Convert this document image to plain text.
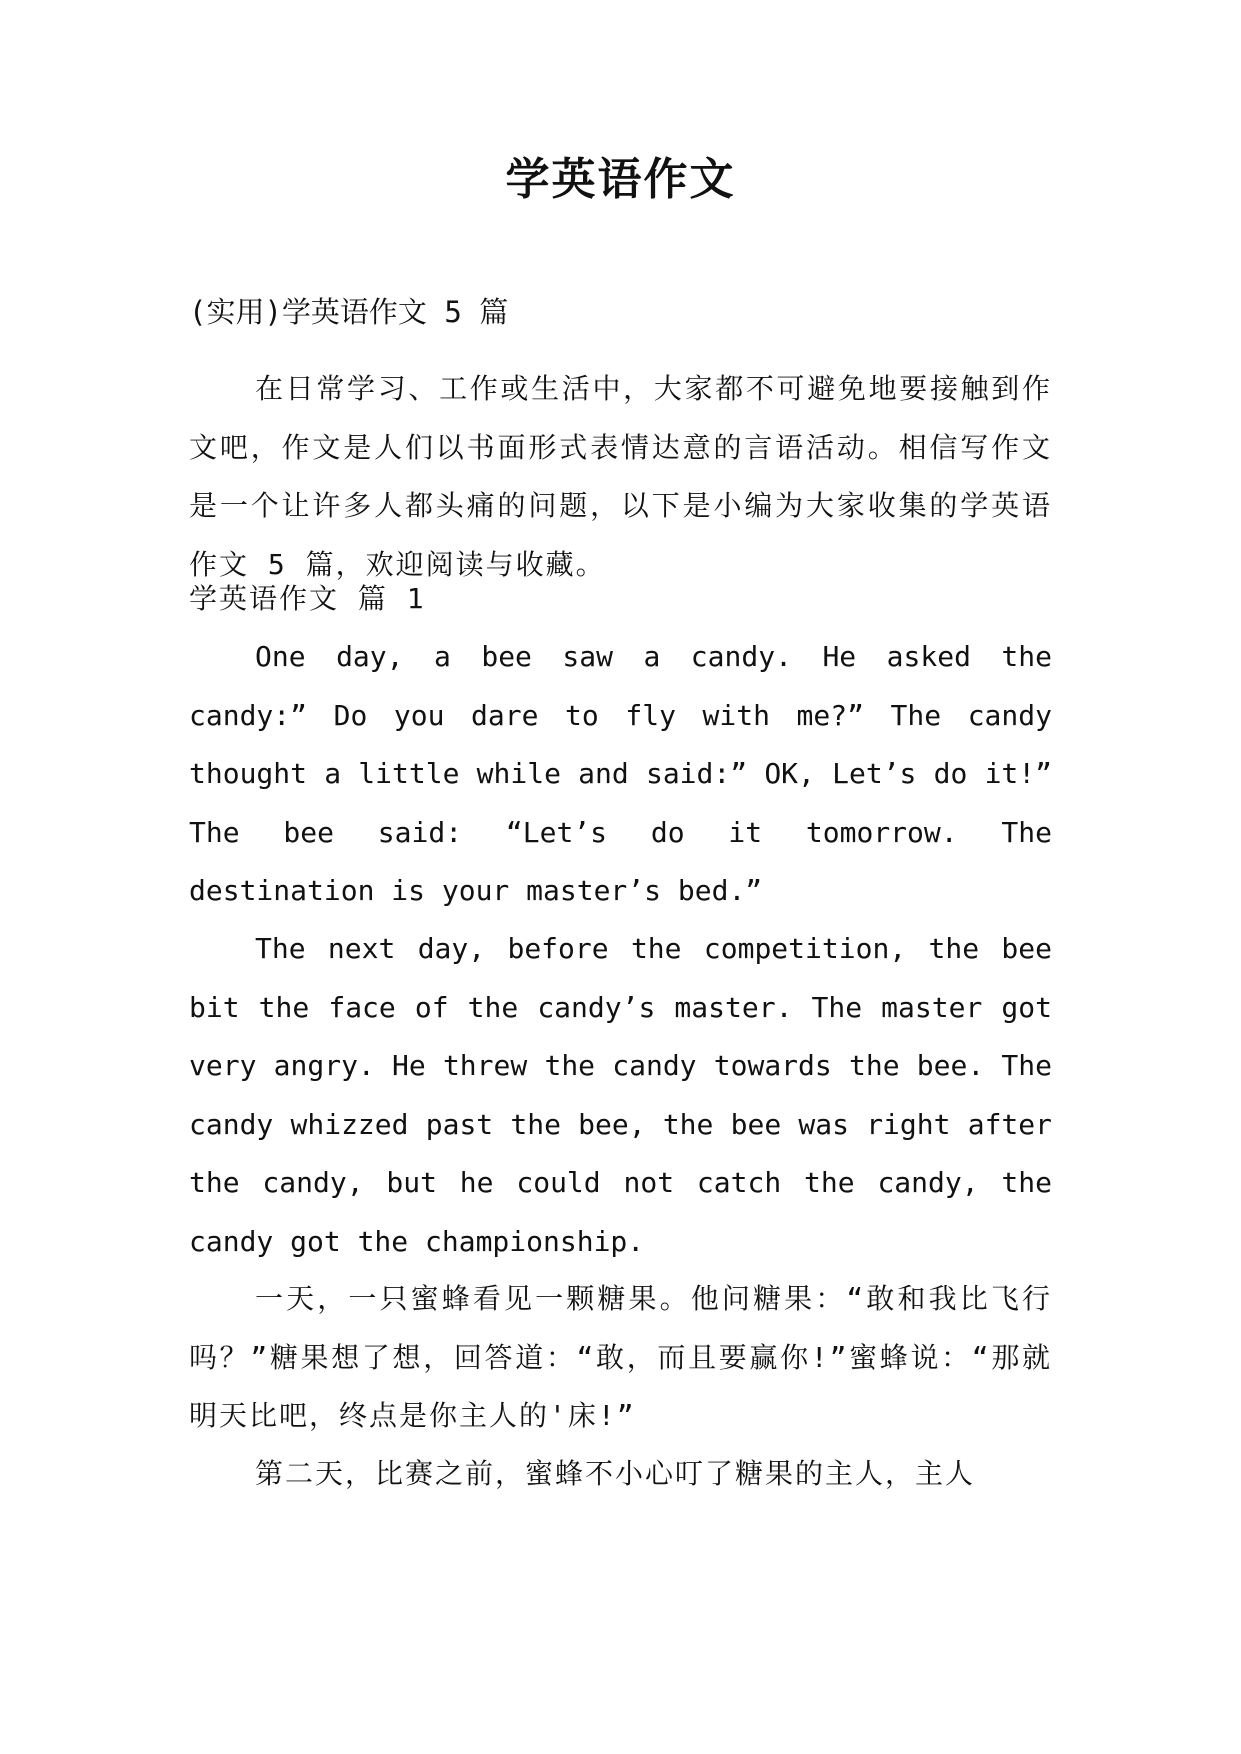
学英语作文

(实用)学英语作文 5 篇

在日常学习、工作或生活中，大家都不可避免地要接触到作文吧，作文是人们以书面形式表情达意的言语活动。相信写作文是一个让许多人都头痛的问题，以下是小编为大家收集的学英语作文 5 篇，欢迎阅读与收藏。

学英语作文 篇 1

One day, a bee saw a candy. He asked the candy:” Do you dare to fly with me?” The candy thought a little while and said:” OK, Let’s do it!” The bee said: “Let’s do it tomorrow. The destination is your master’s bed.”

The next day, before the competition, the bee bit the face of the candy’s master. The master got very angry. He threw the candy towards the bee. The candy whizzed past the bee, the bee was right after the candy, but he could not catch the candy, the candy got the championship.

一天，一只蜜蜂看见一颗糖果。他问糖果：“敢和我比飞行吗？”糖果想了想，回答道：“敢，而且要赢你!”蜜蜂说：“那就明天比吧，终点是你主人的'床!”

第二天，比赛之前，蜜蜂不小心叮了糖果的主人，主人
